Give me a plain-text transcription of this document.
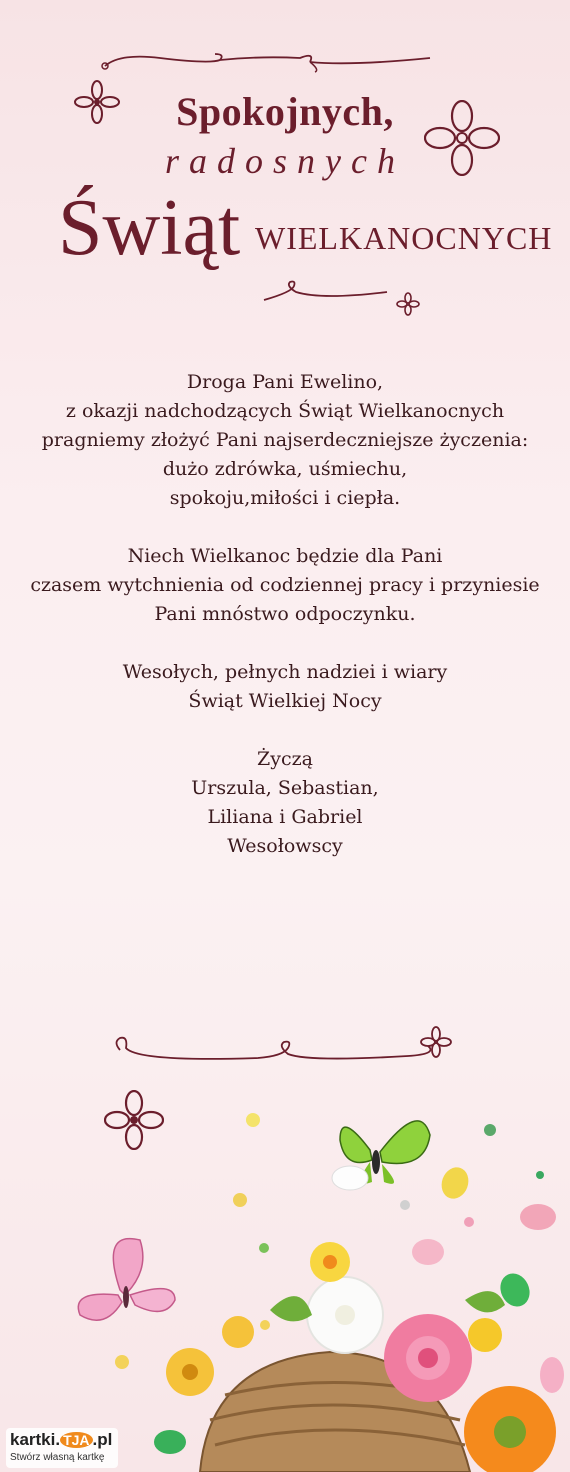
Spokojnych,
radosnych
Świąt WIELKANOCNYCH

Droga Pani Ewelino,

z okazji nadchodzących Świąt Wielkanocnych

pragniemy złożyć Pani najserdeczniejsze życzenia:

dużo zdrówka, uśmiechu,

spokoju,miłości i ciepła.

Niech Wielkanoc będzie dla Pani

czasem wytchnienia od codziennej pracy i przyniesie

Pani mnóstwo odpoczynku.

Wesołych, pełnych nadziei i wiary

Świąt Wielkiej Nocy

Życzą

Urszula, Sebastian,

Liliana i Gabriel

Wesołowscy

kartki. TJA .pl
Stwórz własną kartkę
